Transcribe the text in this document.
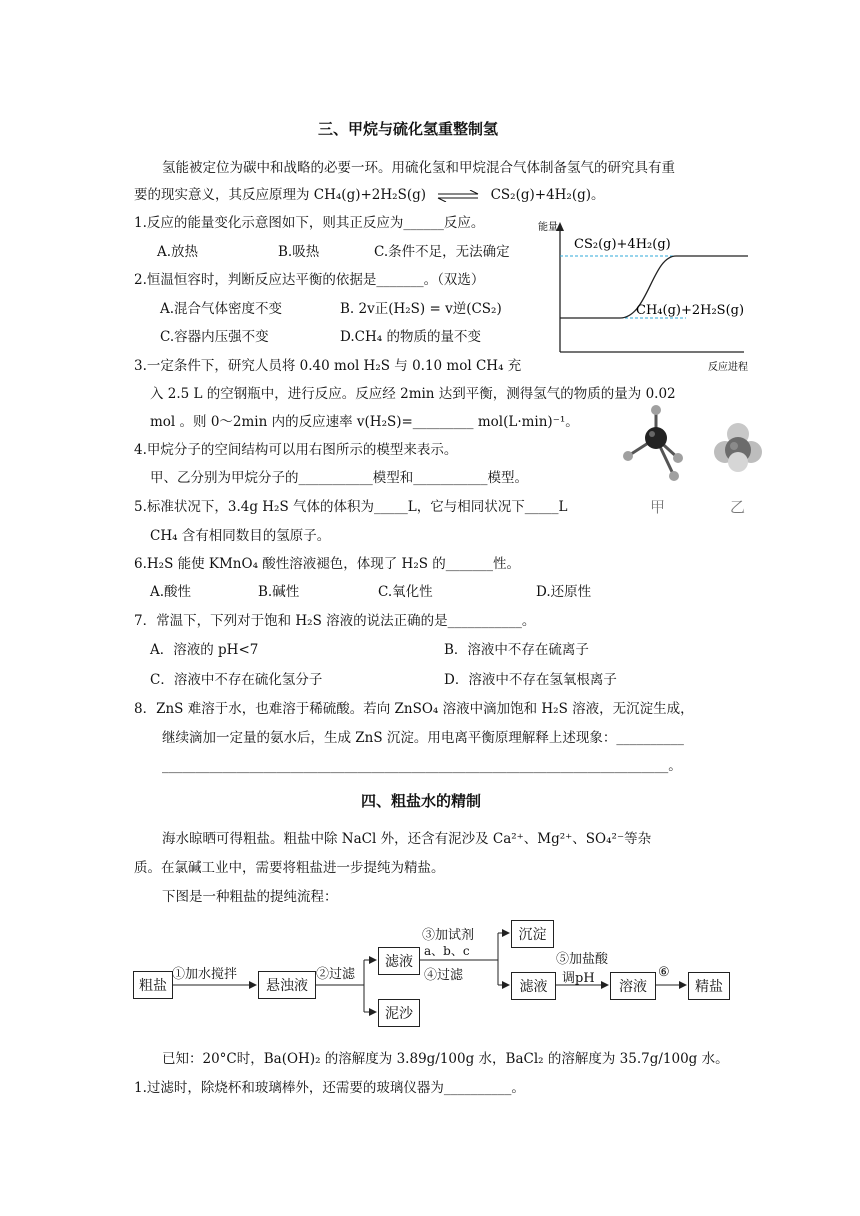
三、甲烷与硫化氢重整制氢
氢能被定位为碳中和战略的必要一环。用硫化氢和甲烷混合气体制备氢气的研究具有重
要的现实意义，其反应原理为 CH₄(g)+2H₂S(g) ⇌ CS₂(g)+4H₂(g)。
1.反应的能量变化示意图如下，则其正反应为______反应。
A.放热	B.吸热	C.条件不足，无法确定
2.恒温恒容时，判断反应达平衡的依据是_______。（双选）
A.混合气体密度不变	B. 2v正(H₂S) = v逆(CS₂)
C.容器内压强不变	D.CH₄ 的物质的量不变
3.一定条件下，研究人员将 0.40 mol H₂S 与 0.10 mol CH₄ 充
入 2.5 L 的空钢瓶中，进行反应。反应经 2min 达到平衡，测得氢气的物质的量为 0.02
mol 。则 0～2min 内的反应速率 v(H₂S)=_________ mol(L·min)⁻¹。
4.甲烷分子的空间结构可以用右图所示的模型来表示。
甲、乙分别为甲烷分子的___________模型和___________模型。
5.标准状况下，3.4g H₂S 气体的体积为_____L，它与相同状况下_____L
CH₄ 含有相同数目的氢原子。
6.H₂S 能使 KMnO₄ 酸性溶液褪色，体现了 H₂S 的_______性。
A.酸性	B.碱性	C.氧化性	D.还原性
7．常温下，下列对于饱和 H₂S 溶液的说法正确的是___________。
A．溶液的 pH<7	B．溶液中不存在硫离子
C．溶液中不存在硫化氢分子	D．溶液中不存在氢氧根离子
8．ZnS 难溶于水，也难溶于稀硫酸。若向 ZnSO₄ 溶液中滴加饱和 H₂S 溶液，无沉淀生成，
继续滴加一定量的氨水后，生成 ZnS 沉淀。用电离平衡原理解释上述现象：__________
___________________________________________________________________________。
能量
CS₂(g)+4H₂(g)
CH₄(g)+2H₂S(g)
反应进程
甲	乙
四、粗盐水的精制
海水晾晒可得粗盐。粗盐中除 NaCl 外，还含有泥沙及 Ca²⁺、Mg²⁺、SO₄²⁻等杂
质。在氯碱工业中，需要将粗盐进一步提纯为精盐。
下图是一种粗盐的提纯流程：
粗盐	悬浊液
滤液
泥沙
沉淀
滤液	溶液	精盐
①加水搅拌	②过滤
③加试剂
a、b、c
④过滤
⑤加盐酸
调pH	⑥
已知：20°C时，Ba(OH)₂ 的溶解度为 3.89g/100g 水，BaCl₂ 的溶解度为 35.7g/100g 水。
1.过滤时，除烧杯和玻璃棒外，还需要的玻璃仪器为__________。
